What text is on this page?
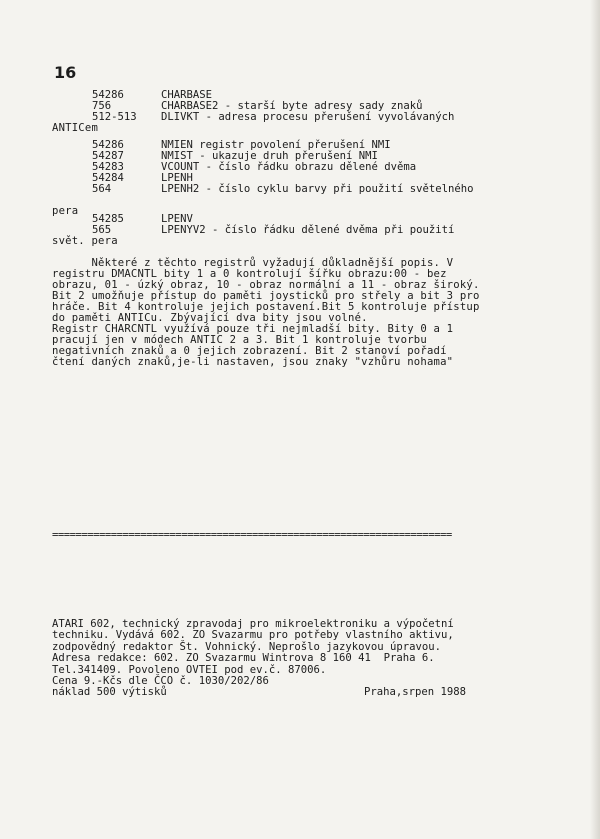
16
54286	CHARBASE
756	CHARBASE2 - starší byte adresy sady znaků
512-513 DLIVKT - adresa procesu přerušení vyvolávaných
54286	NMIEN registr povolení přerušení NMI
54287	NMIST - ukazuje druh přerušení NMI
54283	VCOUNT - číslo řádku obrazu dělené dvěma
54284	LPENH
564	LPENH2 - číslo cyklu barvy při použití světelného
54285	LPENV
565	LPENYV2 - číslo řádku dělené dvěma při použití
ANTICem
pera
svět. pera
Některé z těchto registrů vyžadují důkladnější popis. V
registru DMACNTL bity 1 a 0 kontrolují šířku obrazu:00 - bez
obrazu, 01 - úzký obraz, 10 - obraz normální a 11 - obraz široký.
Bit 2 umožňuje přístup do paměti joysticků pro střely a bit 3 pro
hráče. Bit 4 kontroluje jejich postavení.Bit 5 kontroluje přístup
do paměti ANTICu. Zbývající dva bity jsou volné.
Registr CHARCNTL využívá pouze tři nejmladší bity. Bity 0 a 1
pracují jen v módech ANTIC 2 a 3. Bit 1 kontroluje tvorbu
negativních znaků a 0 jejich zobrazení. Bit 2 stanoví pořadí
čtení daných znaků,je-li nastaven, jsou znaky "vzhůru nohama"
====================================================================
ATARI 602, technický zpravodaj pro mikroelektroniku a výpočetní
techniku. Vydává 602. ZO Svazarmu pro potřeby vlastního aktivu,
zodpovědný redaktor Št. Vohnický. Neprošlo jazykovou úpravou.
Adresa redakce: 602. ZO Svazarmu Wintrova 8 160 41  Praha 6.
Tel.341409. Povoleno OVTEI pod ev.č. 87006.
Cena 9.-Kčs dle ČCO č. 1030/202/86
náklad 500 výtisků	Praha,srpen 1988
